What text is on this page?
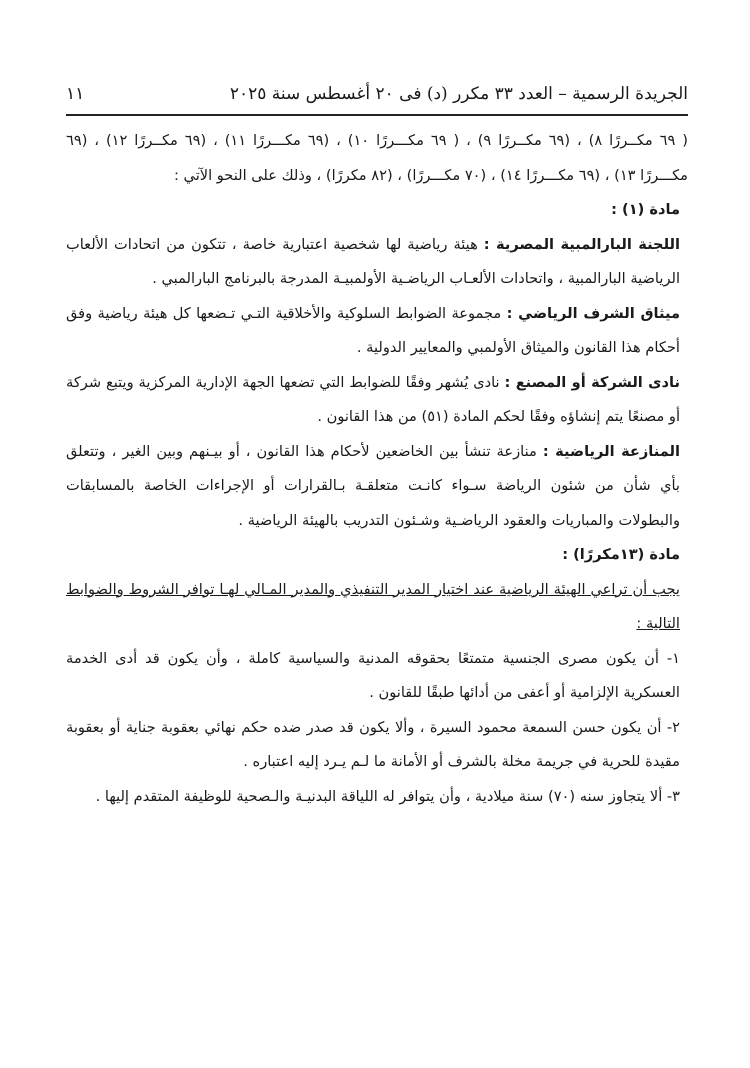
الجريدة الرسمية – العدد ٣٣ مكرر (د) فى ٢٠ أغسطس سنة ٢٠٢٥
١١

( ٦٩ مكــررًا ٨) ، (٦٩ مكــررًا ٩) ، ( ٦٩ مكـــررًا ١٠) ، (٦٩ مكـــررًا ١١) ، (٦٩ مكــررًا ١٢) ، (٦٩ مكـــررًا ١٣) ، (٦٩ مكـــررًا ١٤) ، (٧٠ مكـــررًا) ، (٨٢ مكررًا) ، وذلك على النحو الآتي :

مادة (١) :

اللجنة البارالمبية المصرية : هيئة رياضية لها شخصية اعتبارية خاصة ، تتكون من اتحادات الألعاب الرياضية البارالمبية ، واتحادات الألعـاب الرياضـية الأولمبيـة المدرجة بالبرنامج البارالمبي .

ميثاق الشرف الرياضي : مجموعة الضوابط السلوكية والأخلاقية التـي تـضعها كل هيئة رياضية وفق أحكام هذا القانون والميثاق الأولمبي والمعايير الدولية .

نادى الشركة أو المصنع : نادى يُشهر وفقًا للضوابط التي تضعها الجهة الإدارية المركزية ويتبع شركة أو مصنعًا يتم إنشاؤه وفقًا لحكم المادة (٥١) من هذا القانون .

المنازعة الرياضية : منازعة تنشأ بين الخاضعين لأحكام هذا القانون ، أو بيـنهم وبين الغير ، وتتعلق بأي شأن من شئون الرياضة سـواء كانـت متعلقـة بـالقرارات أو الإجراءات الخاصة بالمسابقات والبطولات والمباريات والعقود الرياضـية وشـئون التدريب بالهيئة الرياضية .

مادة (١٣مكررًا) :

يجب أن تراعي الهيئة الرياضية عند اختيار المدير التنفيذي والمدير المـالي لهـا توافر الشروط والضوابط التالية :

١- أن يكون مصرى الجنسية متمتعًا بحقوقه المدنية والسياسية كاملة ، وأن يكون قد أدى الخدمة العسكرية الإلزامية أو أعفى من أدائها طبقًا للقانون .

٢- أن يكون حسن السمعة محمود السيرة ، وألا يكون قد صدر ضده حكم نهائي بعقوبة جناية أو بعقوبة مقيدة للحرية في جريمة مخلة بالشرف أو الأمانة ما لـم يـرد إليه اعتباره .

٣- ألا يتجاوز سنه (٧٠) سنة ميلادية ، وأن يتوافر له اللياقة البدنيـة والـصحية للوظيفة المتقدم إليها .
